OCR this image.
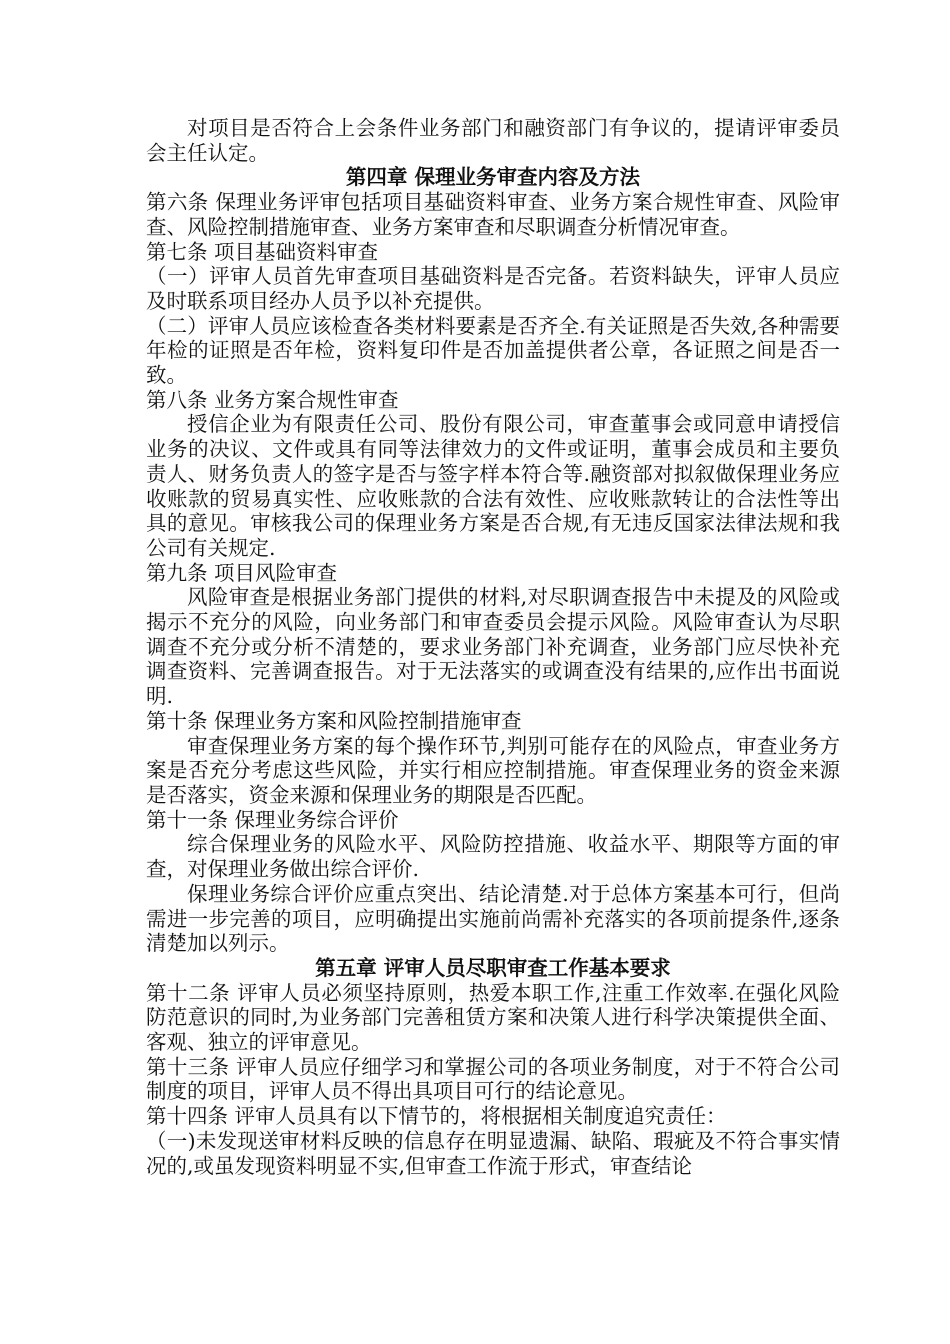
对项目是否符合上会条件业务部门和融资部门有争议的，提请评审委员会主任认定。

第四章 保理业务审查内容及方法

第六条 保理业务评审包括项目基础资料审查、业务方案合规性审查、风险审查、风险控制措施审查、业务方案审查和尽职调查分析情况审查。

第七条 项目基础资料审查

（一）评审人员首先审查项目基础资料是否完备。若资料缺失，评审人员应及时联系项目经办人员予以补充提供。

（二）评审人员应该检查各类材料要素是否齐全.有关证照是否失效,各种需要年检的证照是否年检，资料复印件是否加盖提供者公章，各证照之间是否一致。

第八条 业务方案合规性审查

授信企业为有限责任公司、股份有限公司，审查董事会或同意申请授信业务的决议、文件或具有同等法律效力的文件或证明，董事会成员和主要负责人、财务负责人的签字是否与签字样本符合等.融资部对拟叙做保理业务应收账款的贸易真实性、应收账款的合法有效性、应收账款转让的合法性等出具的意见。审核我公司的保理业务方案是否合规,有无违反国家法律法规和我公司有关规定.

第九条 项目风险审查

风险审查是根据业务部门提供的材料,对尽职调查报告中未提及的风险或揭示不充分的风险，向业务部门和审查委员会提示风险。风险审查认为尽职调查不充分或分析不清楚的，要求业务部门补充调查，业务部门应尽快补充调查资料、完善调查报告。对于无法落实的或调查没有结果的,应作出书面说明.

第十条 保理业务方案和风险控制措施审查

审查保理业务方案的每个操作环节,判别可能存在的风险点，审查业务方案是否充分考虑这些风险，并实行相应控制措施。审查保理业务的资金来源是否落实，资金来源和保理业务的期限是否匹配。

第十一条 保理业务综合评价

综合保理业务的风险水平、风险防控措施、收益水平、期限等方面的审查，对保理业务做出综合评价.

保理业务综合评价应重点突出、结论清楚.对于总体方案基本可行，但尚需进一步完善的项目，应明确提出实施前尚需补充落实的各项前提条件,逐条清楚加以列示。

第五章 评审人员尽职审查工作基本要求

第十二条 评审人员必须坚持原则，热爱本职工作,注重工作效率.在强化风险防范意识的同时,为业务部门完善租赁方案和决策人进行科学决策提供全面、客观、独立的评审意见。

第十三条 评审人员应仔细学习和掌握公司的各项业务制度，对于不符合公司制度的项目，评审人员不得出具项目可行的结论意见。

第十四条 评审人员具有以下情节的，将根据相关制度追究责任：

（一)未发现送审材料反映的信息存在明显遗漏、缺陷、瑕疵及不符合事实情况的,或虽发现资料明显不实,但审查工作流于形式，审查结论
